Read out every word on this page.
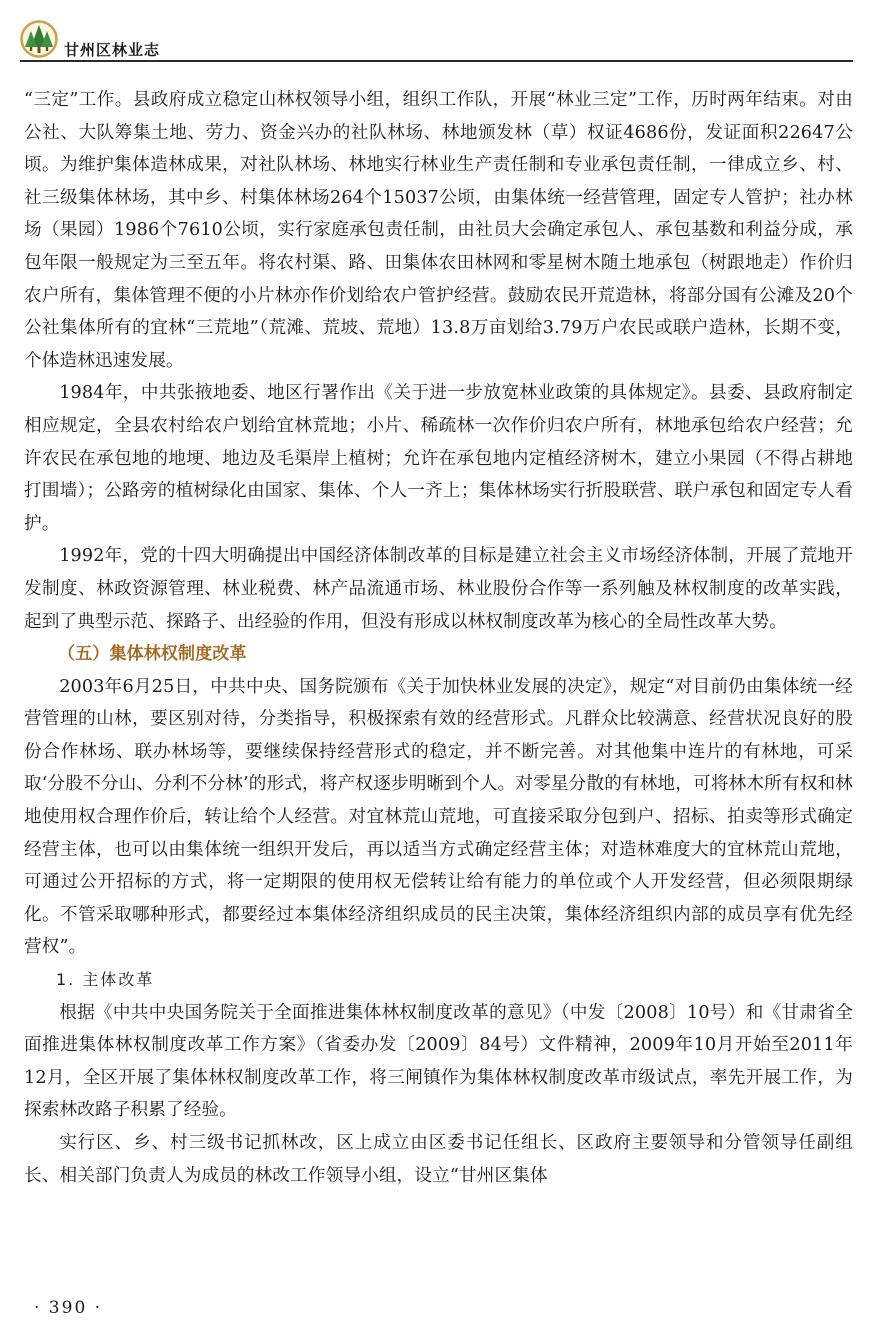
甘州区林业志

“三定”工作。县政府成立稳定山林权领导小组，组织工作队，开展“林业三定”工作，历时两年结束。对由公社、大队筹集土地、劳力、资金兴办的社队林场、林地颁发林（草）权证4686份，发证面积22647公顷。为维护集体造林成果，对社队林场、林地实行林业生产责任制和专业承包责任制，一律成立乡、村、社三级集体林场，其中乡、村集体林场264个15037公顷，由集体统一经营管理，固定专人管护；社办林场（果园）1986个7610公顷，实行家庭承包责任制，由社员大会确定承包人、承包基数和利益分成，承包年限一般规定为三至五年。将农村渠、路、田集体农田林网和零星树木随土地承包（树跟地走）作价归农户所有，集体管理不便的小片林亦作价划给农户管护经营。鼓励农民开荒造林，将部分国有公滩及20个公社集体所有的宜林“三荒地”（荒滩、荒坡、荒地）13.8万亩划给3.79万户农民或联户造林，长期不变，个体造林迅速发展。

1984年，中共张掖地委、地区行署作出《关于进一步放宽林业政策的具体规定》。县委、县政府制定相应规定，全县农村给农户划给宜林荒地；小片、稀疏林一次作价归农户所有，林地承包给农户经营；允许农民在承包地的地埂、地边及毛渠岸上植树；允许在承包地内定植经济树木，建立小果园（不得占耕地打围墙）；公路旁的植树绿化由国家、集体、个人一齐上；集体林场实行折股联营、联户承包和固定专人看护。

1992年，党的十四大明确提出中国经济体制改革的目标是建立社会主义市场经济体制，开展了荒地开发制度、林政资源管理、林业税费、林产品流通市场、林业股份合作等一系列触及林权制度的改革实践，起到了典型示范、探路子、出经验的作用，但没有形成以林权制度改革为核心的全局性改革大势。

（五）集体林权制度改革

2003年6月25日，中共中央、国务院颁布《关于加快林业发展的决定》，规定“对目前仍由集体统一经营管理的山林，要区别对待，分类指导，积极探索有效的经营形式。凡群众比较满意、经营状况良好的股份合作林场、联办林场等，要继续保持经营形式的稳定，并不断完善。对其他集中连片的有林地，可采取‘分股不分山、分利不分林’的形式，将产权逐步明晰到个人。对零星分散的有林地，可将林木所有权和林地使用权合理作价后，转让给个人经营。对宜林荒山荒地，可直接采取分包到户、招标、拍卖等形式确定经营主体，也可以由集体统一组织开发后，再以适当方式确定经营主体；对造林难度大的宜林荒山荒地，可通过公开招标的方式，将一定期限的使用权无偿转让给有能力的单位或个人开发经营，但必须限期绿化。不管采取哪种形式，都要经过本集体经济组织成员的民主决策，集体经济组织内部的成员享有优先经营权”。

1. 主体改革

根据《中共中央国务院关于全面推进集体林权制度改革的意见》（中发〔2008〕10号）和《甘肃省全面推进集体林权制度改革工作方案》（省委办发〔2009〕84号）文件精神，2009年10月开始至2011年12月，全区开展了集体林权制度改革工作，将三闸镇作为集体林权制度改革市级试点，率先开展工作，为探索林改路子积累了经验。

实行区、乡、村三级书记抓林改，区上成立由区委书记任组长、区政府主要领导和分管领导任副组长、相关部门负责人为成员的林改工作领导小组，设立“甘州区集体

· 390 ·
